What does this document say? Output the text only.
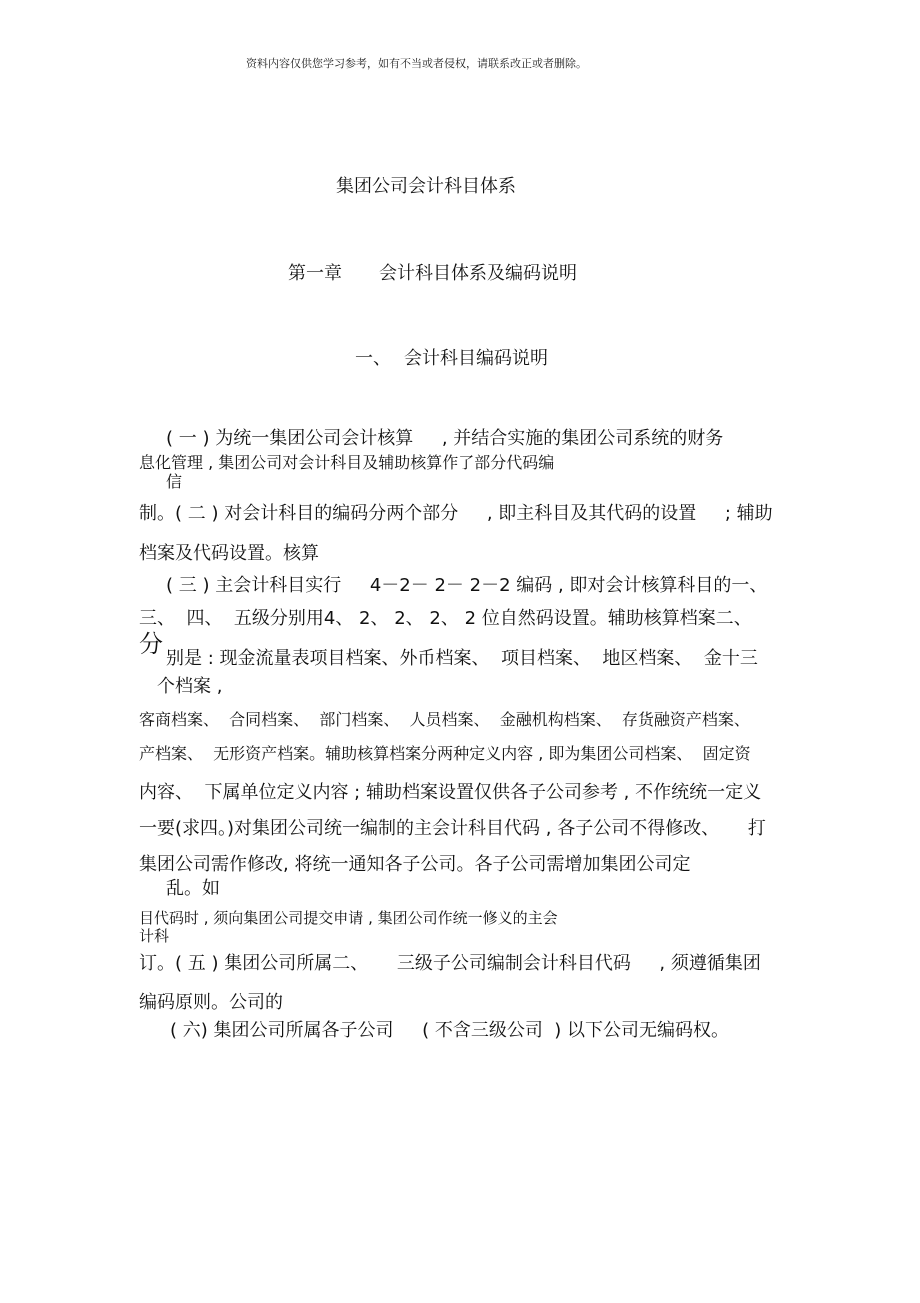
资料内容仅供您学习参考，如有不当或者侵权，请联系改正或者删除。
集团公司会计科目体系
第一章 会计科目体系及编码说明
一、 会计科目编码说明
( 一 ) 为统一集团公司会计核算     , 并结合实施的集团公司系统的财务
息化管理 , 集团公司对会计科目及辅助核算作了部分代码编
信
制。( 二 ) 对会计科目的编码分两个部分     , 即主科目及其代码的设置     ; 辅助
档案及代码设置。核算
( 三 ) 主会计科目实行     4－2－ 2－ 2－2 编码 , 即对会计核算科目的一、
三、  四、  五级分别用4、 2、 2、 2、 2 位自然码设置。辅助核算档案二、
分
别是 : 现金流量表项目档案、外币档案、  项目档案、  地区档案、  金十三
个档案 ,
客商档案、  合同档案、  部门档案、  人员档案、  金融机构档案、  存货融资产档案、
产档案、  无形资产档案。辅助核算档案分两种定义内容 , 即为集团公司档案、  固定资
内容、  下属单位定义内容 ; 辅助档案设置仅供各子公司参考 , 不作统统一定义
一要(求四。)对集团公司统一编制的主会计科目代码 , 各子公司不得修改、     打
集团公司需作修改, 将统一通知各子公司。各子公司需增加集团公司定
乱。如
目代码时 , 须向集团公司提交申请 , 集团公司作统一修义的主会
计科
订。( 五 ) 集团公司所属二、     三级子公司编制会计科目代码     , 须遵循集团
编码原则。公司的
( 六) 集团公司所属各子公司     ( 不含三级公司  ) 以下公司无编码权。
